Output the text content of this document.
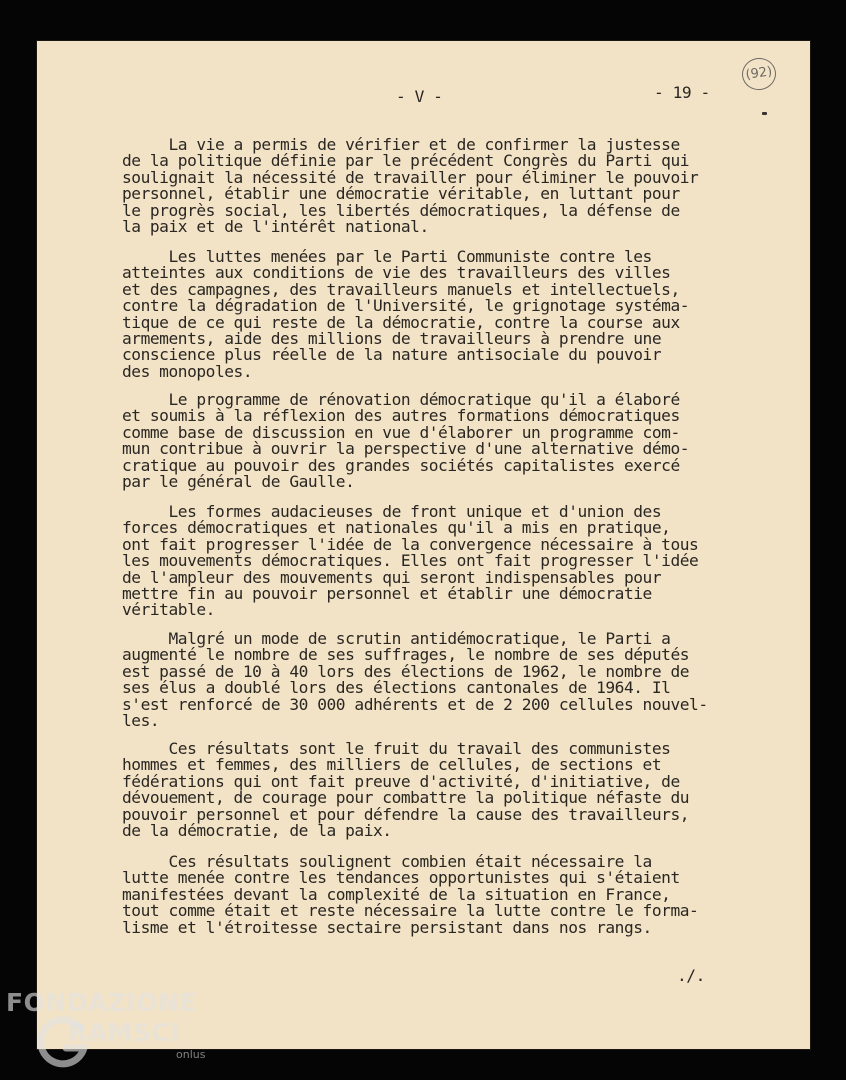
- V -	- 19 -
(92)
La vie a permis de vérifier et de confirmer la justesse
de la politique définie par le précédent Congrès du Parti qui
soulignait la nécessité de travailler pour éliminer le pouvoir
personnel, établir une démocratie véritable, en luttant pour
le progrès social, les libertés démocratiques, la défense de
la paix et de l'intérêt national.
Les luttes menées par le Parti Communiste contre les
atteintes aux conditions de vie des travailleurs des villes
et des campagnes, des travailleurs manuels et intellectuels,
contre la dégradation de l'Université, le grignotage systéma-
tique de ce qui reste de la démocratie, contre la course aux
armements, aide des millions de travailleurs à prendre une
conscience plus réelle de la nature antisociale du pouvoir
des monopoles.
Le programme de rénovation démocratique qu'il a élaboré
et soumis à la réflexion des autres formations démocratiques
comme base de discussion en vue d'élaborer un programme com-
mun contribue à ouvrir la perspective d'une alternative démo-
cratique au pouvoir des grandes sociétés capitalistes exercé
par le général de Gaulle.
Les formes audacieuses de front unique et d'union des
forces démocratiques et nationales qu'il a mis en pratique,
ont fait progresser l'idée de la convergence nécessaire à tous
les mouvements démocratiques. Elles ont fait progresser l'idée
de l'ampleur des mouvements qui seront indispensables pour
mettre fin au pouvoir personnel et établir une démocratie
véritable.
Malgré un mode de scrutin antidémocratique, le Parti a
augmenté le nombre de ses suffrages, le nombre de ses députés
est passé de 10 à 40 lors des élections de 1962, le nombre de
ses élus a doublé lors des élections cantonales de 1964. Il
s'est renforcé de 30 000 adhérents et de 2 200 cellules nouvel-
les.
Ces résultats sont le fruit du travail des communistes
hommes et femmes, des milliers de cellules, de sections et
fédérations qui ont fait preuve d'activité, d'initiative, de
dévouement, de courage pour combattre la politique néfaste du
pouvoir personnel et pour défendre la cause des travailleurs,
de la démocratie, de la paix.
Ces résultats soulignent combien était nécessaire la
lutte menée contre les tendances opportunistes qui s'étaient
manifestées devant la complexité de la situation en France,
tout comme était et reste nécessaire la lutte contre le forma-
lisme et l'étroitesse sectaire persistant dans nos rangs.
./.
FONDAZIONE
RAMSCI
onlus
